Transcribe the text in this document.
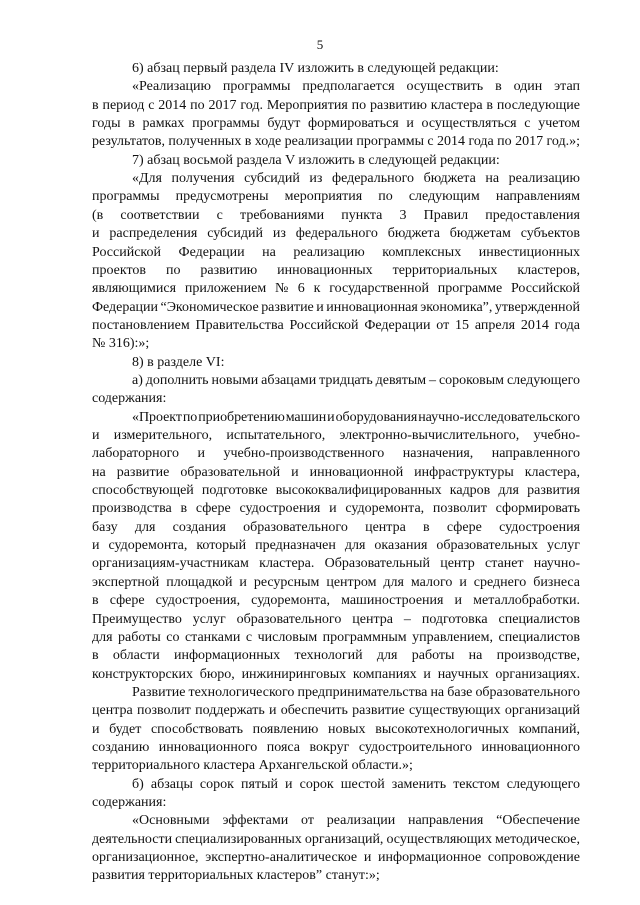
5
6) абзац первый раздела IV изложить в следующей редакции:
«Реализацию программы предполагается осуществить в один этап
в период с 2014 по 2017 год. Мероприятия по развитию кластера в последующие
годы в рамках программы будут формироваться и осуществляться с учетом
результатов, полученных в ходе реализации программы с 2014 года по 2017 год.»;
7) абзац восьмой раздела V изложить в следующей редакции:
«Для получения субсидий из федерального бюджета на реализацию
программы предусмотрены мероприятия по следующим направлениям
(в соответствии с требованиями пункта 3 Правил предоставления
и распределения субсидий из федерального бюджета бюджетам субъектов
Российской Федерации на реализацию комплексных инвестиционных
проектов по развитию инновационных территориальных кластеров,
являющимися приложением № 6 к государственной программе Российской
Федерации “Экономическое развитие и инновационная экономика”, утвержденной
постановлением Правительства Российской Федерации от 15 апреля 2014 года
№ 316):»;
8) в разделе VI:
а) дополнить новыми абзацами тридцать девятым – сороковым следующего
содержания:
«Проект по приобретению машин и оборудования научно-исследовательского
и измерительного, испытательного, электронно-вычислительного, учебно-
лабораторного и учебно-производственного назначения, направленного
на развитие образовательной и инновационной инфраструктуры кластера,
способствующей подготовке высококвалифицированных кадров для развития
производства в сфере судостроения и судоремонта, позволит сформировать
базу для создания образовательного центра в сфере судостроения
и судоремонта, который предназначен для оказания образовательных услуг
организациям-участникам кластера. Образовательный центр станет научно-
экспертной площадкой и ресурсным центром для малого и среднего бизнеса
в сфере судостроения, судоремонта, машиностроения и металлобработки.
Преимущество услуг образовательного центра – подготовка специалистов
для работы со станками с числовым программным управлением, специалистов
в области информационных технологий для работы на производстве,
конструкторских бюро, инжиниринговых компаниях и научных организациях.
Развитие технологического предпринимательства на базе образовательного
центра позволит поддержать и обеспечить развитие существующих организаций
и будет способствовать появлению новых высокотехнологичных компаний,
созданию инновационного пояса вокруг судостроительного инновационного
территориального кластера Архангельской области.»;
б) абзацы сорок пятый и сорок шестой заменить текстом следующего
содержания:
«Основными эффектами от реализации направления “Обеспечение
деятельности специализированных организаций, осуществляющих методическое,
организационное, экспертно-аналитическое и информационное сопровождение
развития территориальных кластеров” станут:»;
